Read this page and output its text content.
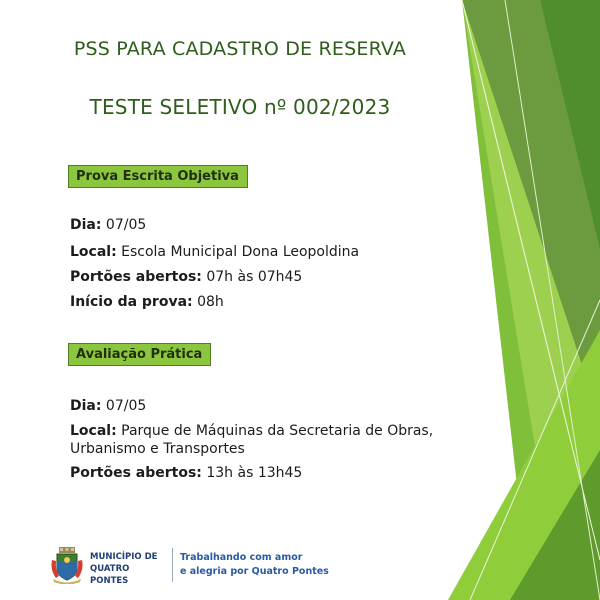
PSS PARA CADASTRO DE RESERVA
TESTE SELETIVO nº 002/2023
Prova Escrita Objetiva
Dia: 07/05
Local: Escola Municipal Dona Leopoldina
Portões abertos: 07h às 07h45
Início da prova: 08h
Avaliação Prática
Dia: 07/05
Local: Parque de Máquinas da Secretaria de Obras,
Urbanismo e Transportes
Portões abertos: 13h às 13h45
MUNICÍPIO DE
QUATRO PONTES
Trabalhando com amor
e alegria por Quatro Pontes
